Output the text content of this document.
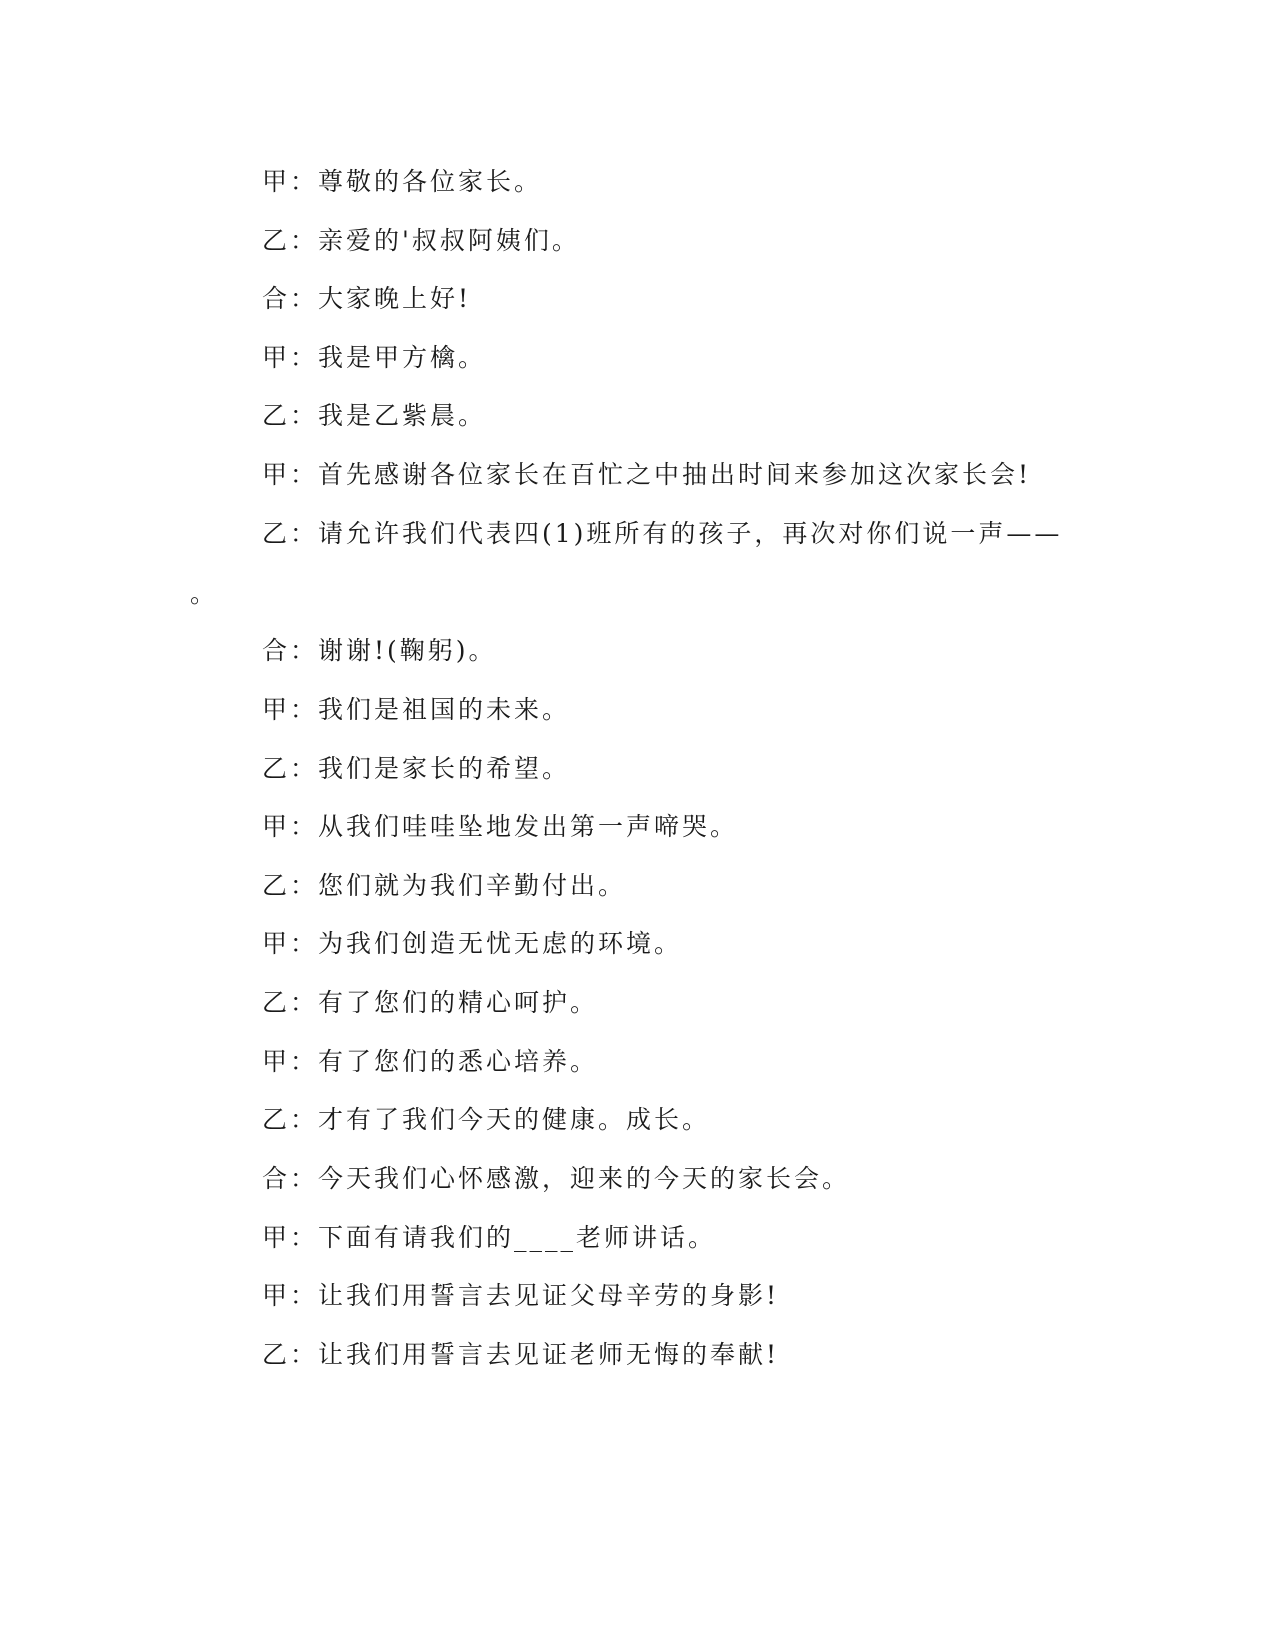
甲：尊敬的各位家长。

乙：亲爱的'叔叔阿姨们。

合：大家晚上好!

甲：我是甲方檎。

乙：我是乙紫晨。

甲：首先感谢各位家长在百忙之中抽出时间来参加这次家长会!

乙：请允许我们代表四(1)班所有的孩子，再次对你们说一声——

。

合：谢谢!(鞠躬)。

甲：我们是祖国的未来。

乙：我们是家长的希望。

甲：从我们哇哇坠地发出第一声啼哭。

乙：您们就为我们辛勤付出。

甲：为我们创造无忧无虑的环境。

乙：有了您们的精心呵护。

甲：有了您们的悉心培养。

乙：才有了我们今天的健康。成长。

合：今天我们心怀感激，迎来的今天的家长会。

甲：下面有请我们的____老师讲话。

甲：让我们用誓言去见证父母辛劳的身影!

乙：让我们用誓言去见证老师无悔的奉献!
